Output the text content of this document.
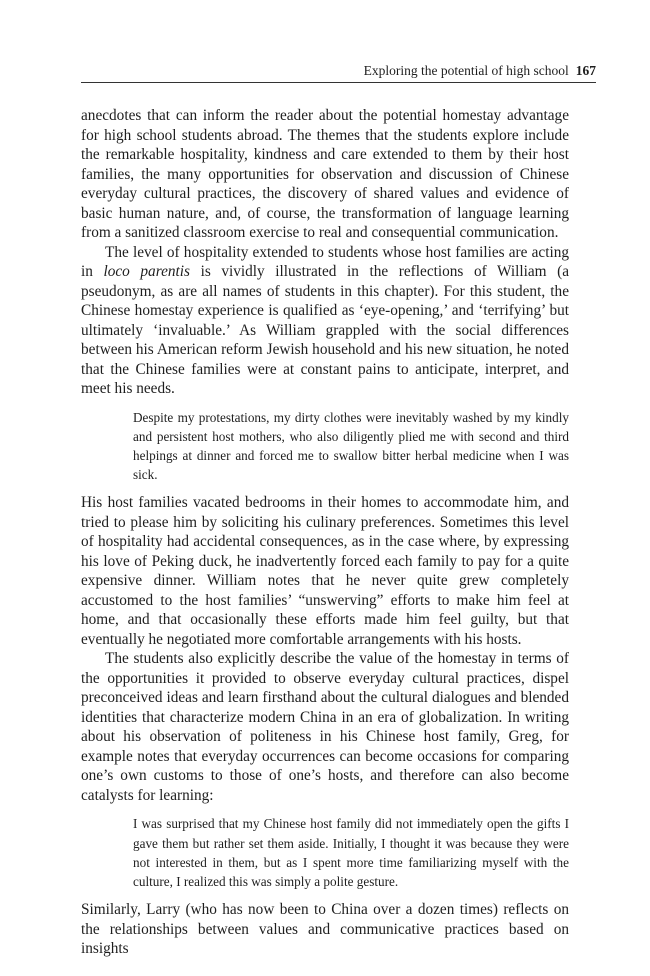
Exploring the potential of high school 167

anecdotes that can inform the reader about the potential homestay advantage for high school students abroad. The themes that the students explore include the remarkable hospitality, kindness and care extended to them by their host families, the many opportunities for observation and discussion of Chinese everyday cultural practices, the discovery of shared values and evidence of basic human nature, and, of course, the transformation of language learning from a sanitized classroom exercise to real and consequential communication.

The level of hospitality extended to students whose host families are acting in loco parentis is vividly illustrated in the reflections of William (a pseudonym, as are all names of students in this chapter). For this student, the Chinese homestay experience is qualified as ‘eye-opening,’ and ‘terrifying’ but ultimately ‘invaluable.’ As William grappled with the social differences between his American reform Jewish household and his new situation, he noted that the Chinese families were at constant pains to anticipate, interpret, and meet his needs.

Despite my protestations, my dirty clothes were inevitably washed by my kindly and persistent host mothers, who also diligently plied me with second and third helpings at dinner and forced me to swallow bitter herbal medicine when I was sick.

His host families vacated bedrooms in their homes to accommodate him, and tried to please him by soliciting his culinary preferences. Sometimes this level of hospitality had accidental consequences, as in the case where, by expressing his love of Peking duck, he inadvertently forced each family to pay for a quite expensive dinner. William notes that he never quite grew completely accustomed to the host families’ “unswerving” efforts to make him feel at home, and that occasionally these efforts made him feel guilty, but that eventually he negotiated more comfortable arrangements with his hosts.

The students also explicitly describe the value of the homestay in terms of the opportunities it provided to observe everyday cultural practices, dispel preconceived ideas and learn firsthand about the cultural dialogues and blended identities that characterize modern China in an era of globalization. In writing about his observation of politeness in his Chinese host family, Greg, for example notes that everyday occurrences can become occasions for comparing one’s own customs to those of one’s hosts, and therefore can also become catalysts for learning:

I was surprised that my Chinese host family did not immediately open the gifts I gave them but rather set them aside. Initially, I thought it was because they were not interested in them, but as I spent more time familiarizing myself with the culture, I realized this was simply a polite gesture.

Similarly, Larry (who has now been to China over a dozen times) reflects on the relationships between values and communicative practices based on insights
